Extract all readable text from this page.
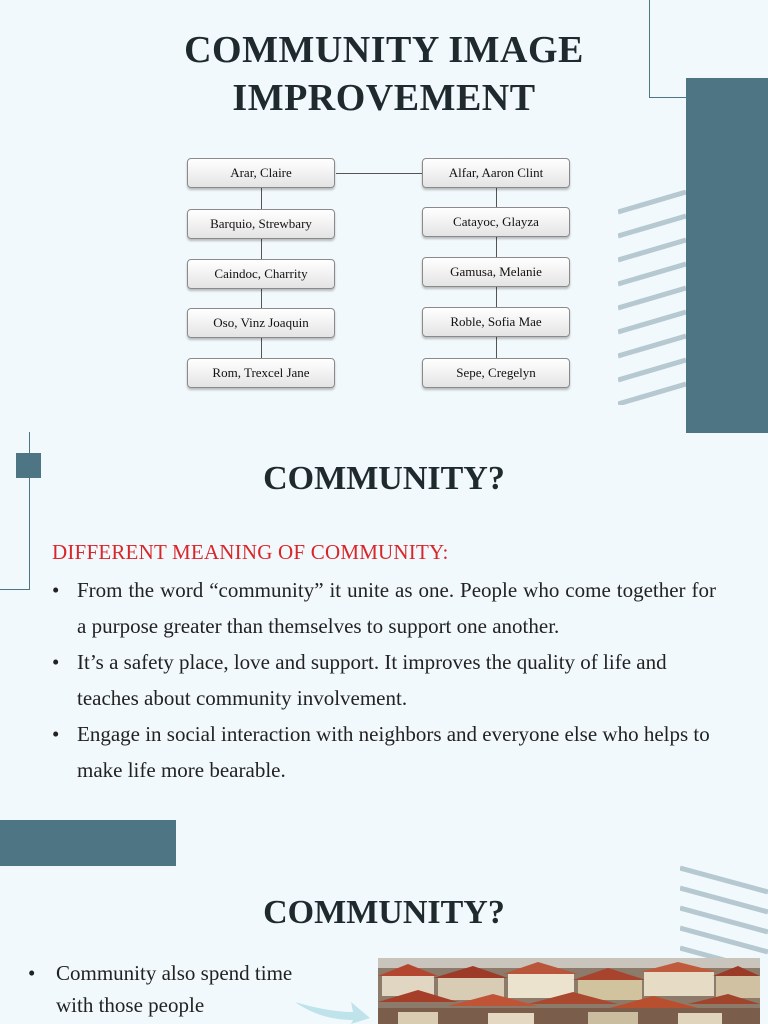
COMMUNITY IMAGE
IMPROVEMENT
Arar, Claire
Barquio, Strewbary
Caindoc, Charrity
Oso, Vinz Joaquin
Rom, Trexcel Jane
Alfar, Aaron Clint
Catayoc, Glayza
Gamusa, Melanie
Roble, Sofia Mae
Sepe, Cregelyn
COMMUNITY?
DIFFERENT MEANING OF COMMUNITY:
• From the word “community” it unite as one. People who come together for a purpose greater than themselves to support one another.
• It’s a safety place, love and support. It improves the quality of life and teaches about community involvement.
• Engage in social interaction with neighbors and everyone else who helps to make life more bearable.
COMMUNITY?
• Community also spend time with those people
